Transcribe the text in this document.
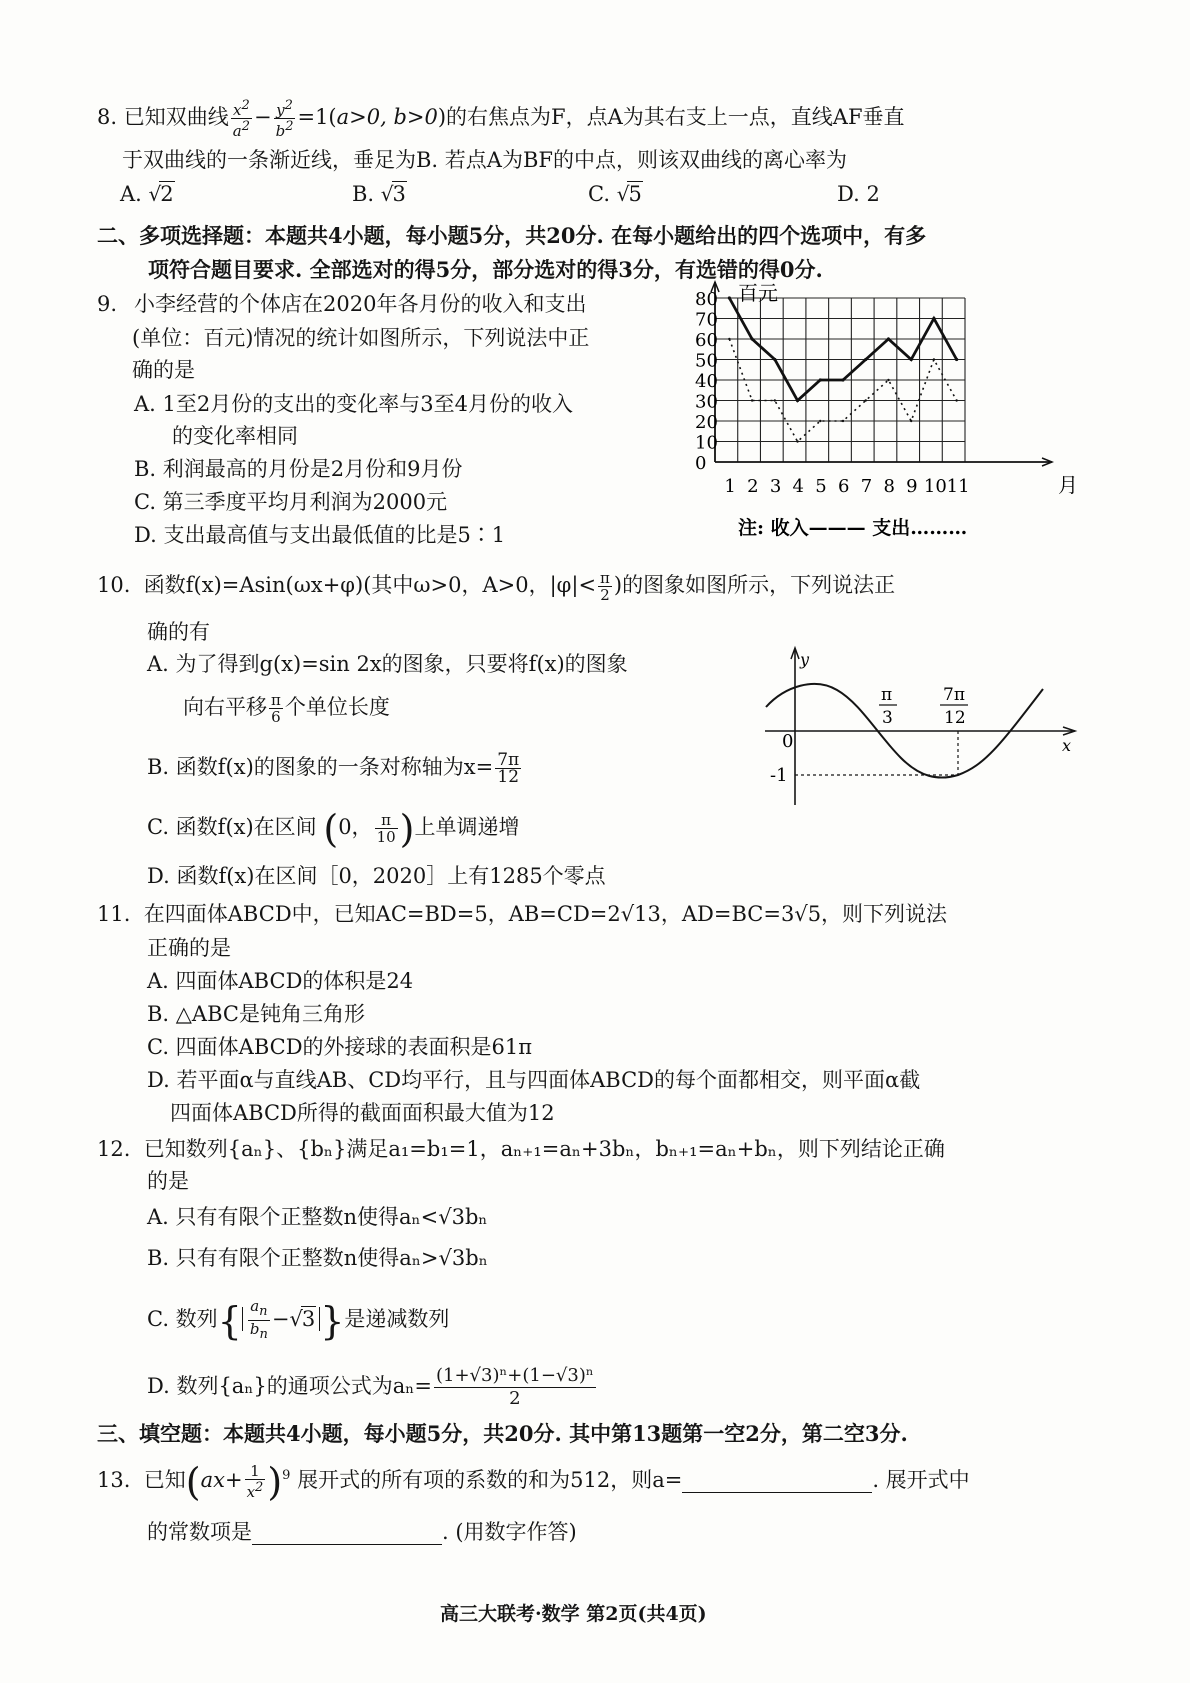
8. 已知双曲线 $\frac{x^2}{a^2} - \frac{y^2}{b^2} =1(a>0$, b>0)的右焦点为F，点A为其右支上一点，直线AF垂直
于双曲线的一条渐近线，垂足为B. 若点A为BF的中点，则该双曲线的离心率为
A. √2	B. √3	C. √5	D. 2
二、多项选择题：本题共4小题，每小题5分，共20分. 在每小题给出的四个选项中，有多
项符合题目要求. 全部选对的得5分，部分选对的得3分，有选错的得0分.
9. 小李经营的个体店在2020年各月份的收入和支出
(单位：百元)情况的统计如图所示，下列说法中正
确的是
A. 1至2月份的支出的变化率与3至4月份的收入
的变化率相同
B. 利润最高的月份是2月份和9月份
C. 第三季度平均月利润为2000元
D. 支出最高值与支出最低值的比是5∶1
80
70
60
50
40
30
20
10
0
1 2 3 4 5 6 7 8 9 10 11
百元
月
注: 收入——— 支出………
10. 函数f(x)=Asin(ωx+φ)(其中ω>0，A>0，$|\varphi|< \frac{\pi}{2}$ )的图象如图所示，下列说法正
确的有
A. 为了得到g(x)=sin 2x的图象，只要将f(x)的图象
向右平移 $\frac{\pi}{6}$ 个单位长度
B. 函数f(x)的图象的一条对称轴为$x= \frac{7\pi}{12}$
C. 函数f(x)在区间 (0， $\frac{\pi}{10}$ )上单调递增
D. 函数f(x)在区间［0，2020］上有1285个零点
y
x
0
-1
π
3
7π
12
11. 在四面体ABCD中，已知AC=BD=5，AB=CD=2√13，AD=BC=3√5，则下列说法
正确的是
A. 四面体ABCD的体积是24
B. △ABC是钝角三角形
C. 四面体ABCD的外接球的表面积是61π
D. 若平面α与直线AB、CD均平行，且与四面体ABCD的每个面都相交，则平面α截
四面体ABCD所得的截面面积最大值为12
12. 已知数列{aₙ}、{bₙ}满足a₁=b₁=1，aₙ₊₁=aₙ+3bₙ，bₙ₊₁=aₙ+bₙ，则下列结论正确
的是
A. 只有有限个正整数n使得aₙ<√3bₙ
B. 只有有限个正整数n使得aₙ>√3bₙ
C. 数列{ $\frac{a_n}{b_n} -√3$ }是递减数列
D. 数列{aₙ}的通项公式为$a_n= \frac{\text{(1+√3)ⁿ+(1−√3)ⁿ}}{2}$
三、填空题：本题共4小题，每小题5分，共20分. 其中第13题第一空2分，第二空3分.
13. 已知$(ax+ \frac{1}{x^2} )^9$ 展开式的所有项的系数的和为512，则a=	. 展开式中
的常数项是	. (用数字作答)
高三大联考·数学 第2页(共4页)
